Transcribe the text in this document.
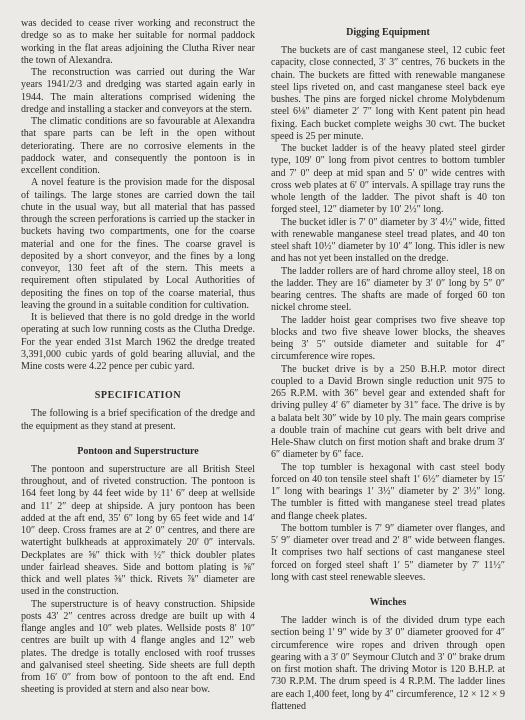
was decided to cease river working and reconstruct the dredge so as to make her suitable for normal paddock working in the flat areas adjoining the Clutha River near the town of Alexandra.

The reconstruction was carried out during the War years 1941/2/3 and dredging was started again early in 1944. The main alterations comprised widening the dredge and installing a stacker and conveyors at the stern.

The climatic conditions are so favourable at Alexandra that spare parts can be left in the open without deteriorating. There are no corrosive elements in the paddock water, and consequently the pontoon is in excellent condition.

A novel feature is the provision made for the disposal of tailings. The large stones are carried down the tail chute in the usual way, but all material that has passed through the screen perforations is carried up the stacker in buckets having two compartments, one for the coarse material and one for the fines. The coarse gravel is deposited by a short conveyor, and the fines by a long conveyor, 130 feet aft of the stern. This meets a requirement often stipulated by Local Authorities of depositing the fines on top of the coarse material, thus leaving the ground in a suitable condition for cultivation.

It is believed that there is no gold dredge in the world operating at such low running costs as the Clutha Dredge. For the year ended 31st March 1962 the dredge treated 3,391,000 cubic yards of gold bearing alluvial, and the Mine costs were 4.22 pence per cubic yard.

SPECIFICATION

The following is a brief specification of the dredge and the equipment as they stand at present.

Pontoon and Superstructure

The pontoon and superstructure are all British Steel throughout, and of riveted construction. The pontoon is 164 feet long by 44 feet wide by 11′ 6″ deep at wellside and 11′ 2″ deep at shipside. A jury pontoon has been added at the aft end, 35′ 6″ long by 65 feet wide and 14′ 10″ deep. Cross frames are at 2′ 0″ centres, and there are watertight bulkheads at approximately 20′ 0″ intervals. Deckplates are ⅝″ thick with ½″ thick doubler plates under fairlead sheaves. Side and bottom plating is ⅝″ thick and well plates ⅝″ thick. Rivets ⅞″ diameter are used in the construction.

The superstructure is of heavy construction. Shipside posts 43′ 2″ centres across dredge are built up with 4 flange angles and 10″ web plates. Wellside posts 8′ 10″ centres are built up with 4 flange angles and 12″ web plates. The dredge is totally enclosed with roof trusses and galvanised steel sheeting. Side sheets are full depth from 16′ 0″ from bow of pontoon to the aft end. End sheeting is provided at stern and also near bow.

Digging Equipment

The buckets are of cast manganese steel, 12 cubic feet capacity, close connected, 3′ 3″ centres, 76 buckets in the chain. The buckets are fitted with renewable manganese steel lips riveted on, and cast manganese steel back eye bushes. The pins are forged nickel chrome Molybdenum steel 6⅛″ diameter 2′ 7″ long with Kent patent pin head fixing. Each bucket complete weighs 30 cwt. The bucket speed is 25 per minute.

The bucket ladder is of the heavy plated steel girder type, 109′ 0″ long from pivot centres to bottom tumbler and 7′ 0″ deep at mid span and 5′ 0″ wide centres with cross web plates at 6′ 0″ intervals. A spillage tray runs the whole length of the ladder. The pivot shaft is 40 ton forged steel, 12″ diameter by 10′ 2½″ long.

The bucket idler is 7′ 0″ diameter by 3′ 4½″ wide, fitted with renewable manganese steel tread plates, and 40 ton steel shaft 10½″ diameter by 10′ 4″ long. This idler is new and has not yet been installed on the dredge.

The ladder rollers are of hard chrome alloy steel, 18 on the ladder. They are 16″ diameter by 3′ 0″ long by 5″ 0″ bearing centres. The shafts are made of forged 60 ton nickel chrome steel.

The ladder hoist gear comprises two five sheave top blocks and two five sheave lower blocks, the sheaves being 3′ 5″ outside diameter and suitable for 4″ circumference wire ropes.

The bucket drive is by a 250 B.H.P. motor direct coupled to a David Brown single reduction unit 975 to 265 R.P.M. with 36″ bevel gear and extended shaft for driving pulley 4′ 6″ diameter by 31″ face. The drive is by a balata belt 30″ wide by 10 ply. The main gears comprise a double train of machine cut gears with belt drive and Hele-Shaw clutch on first motion shaft and brake drum 3′ 6″ diameter by 6″ face.

The top tumbler is hexagonal with cast steel body forced on 40 ton tensile steel shaft 1′ 6½″ diameter by 15′ 1″ long with bearings 1′ 3½″ diameter by 2′ 3½″ long. The tumbler is fitted with manganese steel tread plates and flange cheek plates.

The bottom tumbler is 7′ 9″ diameter over flanges, and 5′ 9″ diameter over tread and 2′ 8″ wide between flanges. It comprises two half sections of cast manganese steel forced on forged steel shaft 1′ 5″ diameter by 7′ 11½″ long with cast steel renewable sleeves.

Winches

The ladder winch is of the divided drum type each section being 1′ 9″ wide by 3′ 0″ diameter grooved for 4″ circumference wire ropes and driven through open gearing with a 3′ 0″ Seymour Clutch and 3′ 0″ brake drum on first motion shaft. The driving Motor is 120 B.H.P. at 730 R.P.M. The drum speed is 4 R.P.M. The ladder lines are each 1,400 feet, long by 4″ circumference, 12 × 12 × 9 flattened
